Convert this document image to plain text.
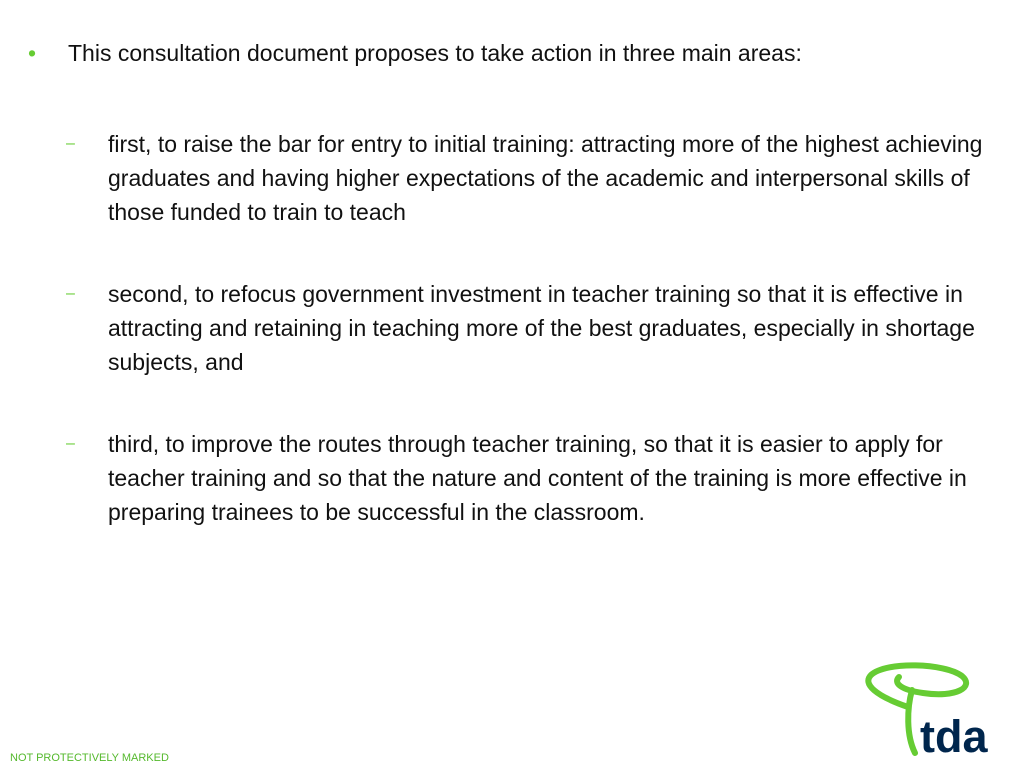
•	This consultation document proposes to take action in three main areas:
–	first, to raise the bar for entry to initial training: attracting more of the highest achieving graduates and having higher expectations of the academic and interpersonal skills of those funded to train to teach
–	second, to refocus government investment in teacher training so that it is effective in attracting and retaining in teaching more of the best graduates, especially in shortage subjects, and
–	third, to improve the routes through teacher training, so that it is easier to apply for teacher training and so that the nature and content of the training is more effective in preparing trainees to be successful in the classroom.
NOT PROTECTIVELY MARKED	tda
